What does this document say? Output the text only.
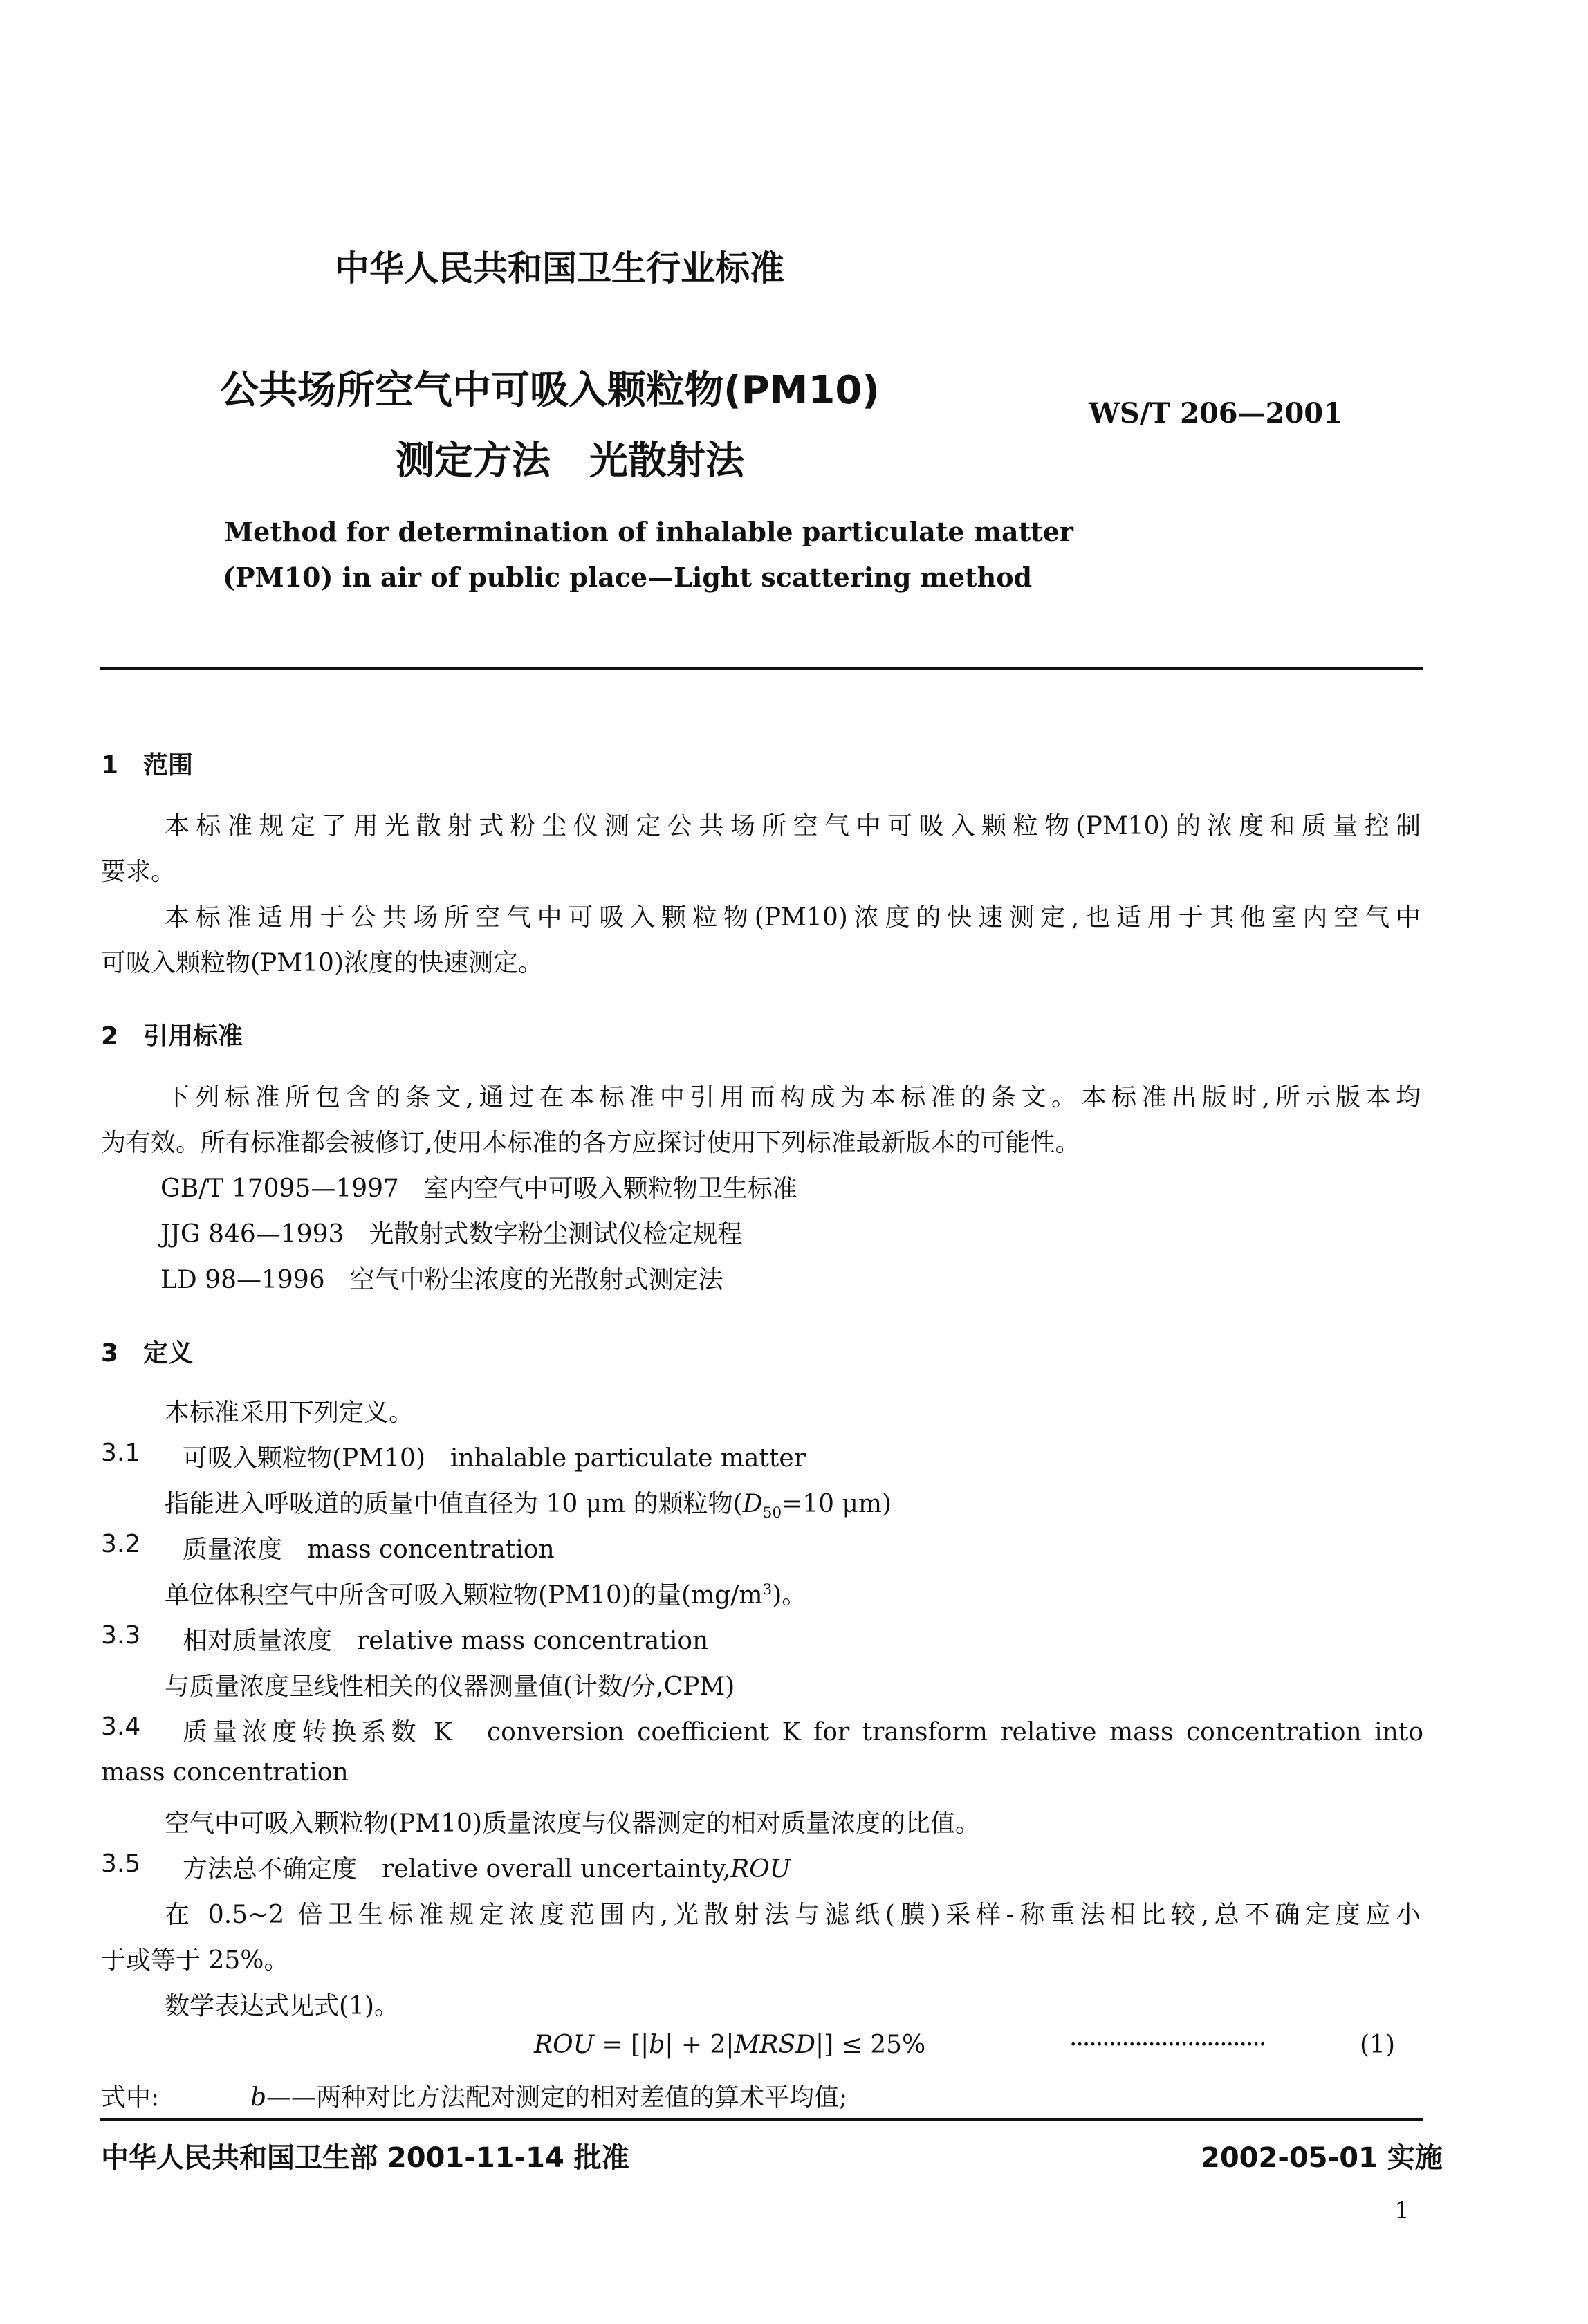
中华人民共和国卫生行业标准
公共场所空气中可吸入颗粒物(PM10)
测定方法　光散射法
WS/T 206—2001
Method for determination of inhalable particulate matter
(PM10) in air of public place—Light scattering method
1　范围
本标准规定了用光散射式粉尘仪测定公共场所空气中可吸入颗粒物(PM10)的浓度和质量控制
要求。
本标准适用于公共场所空气中可吸入颗粒物(PM10)浓度的快速测定,也适用于其他室内空气中
可吸入颗粒物(PM10)浓度的快速测定。
2　引用标准
下列标准所包含的条文,通过在本标准中引用而构成为本标准的条文。本标准出版时,所示版本均
为有效。所有标准都会被修订,使用本标准的各方应探讨使用下列标准最新版本的可能性。
GB/T 17095—1997　室内空气中可吸入颗粒物卫生标准
JJG 846—1993　光散射式数字粉尘测试仪检定规程
LD 98—1996　空气中粉尘浓度的光散射式测定法
3　定义
本标准采用下列定义。
3.1 可吸入颗粒物(PM10)　inhalable particulate matter
指能进入呼吸道的质量中值直径为 10 μm 的颗粒物($D_{50}=10$ μm)
3.2 质量浓度　mass concentration
单位体积空气中所含可吸入颗粒物(PM10)的量$(mg/m^3)$。
3.3 相对质量浓度　relative mass concentration
与质量浓度呈线性相关的仪器测量值(计数/分,CPM)
3.4 质量浓度转换系数 K　conversion coefficient K for transform relative mass concentration into
mass concentration
空气中可吸入颗粒物(PM10)质量浓度与仪器测定的相对质量浓度的比值。
3.5 方法总不确定度　relative overall uncertainty,ROU
在 0.5~2 倍卫生标准规定浓度范围内,光散射法与滤纸(膜)采样-称重法相比较,总不确定度应小
于或等于 25%。
数学表达式见式(1)。
ROU = [|b| + 2|MRSD|] ≤ 25%	······························	(1)
式中:	b——两种对比方法配对测定的相对差值的算术平均值;
中华人民共和国卫生部 2001-11-14 批准	2002-05-01 实施
1
